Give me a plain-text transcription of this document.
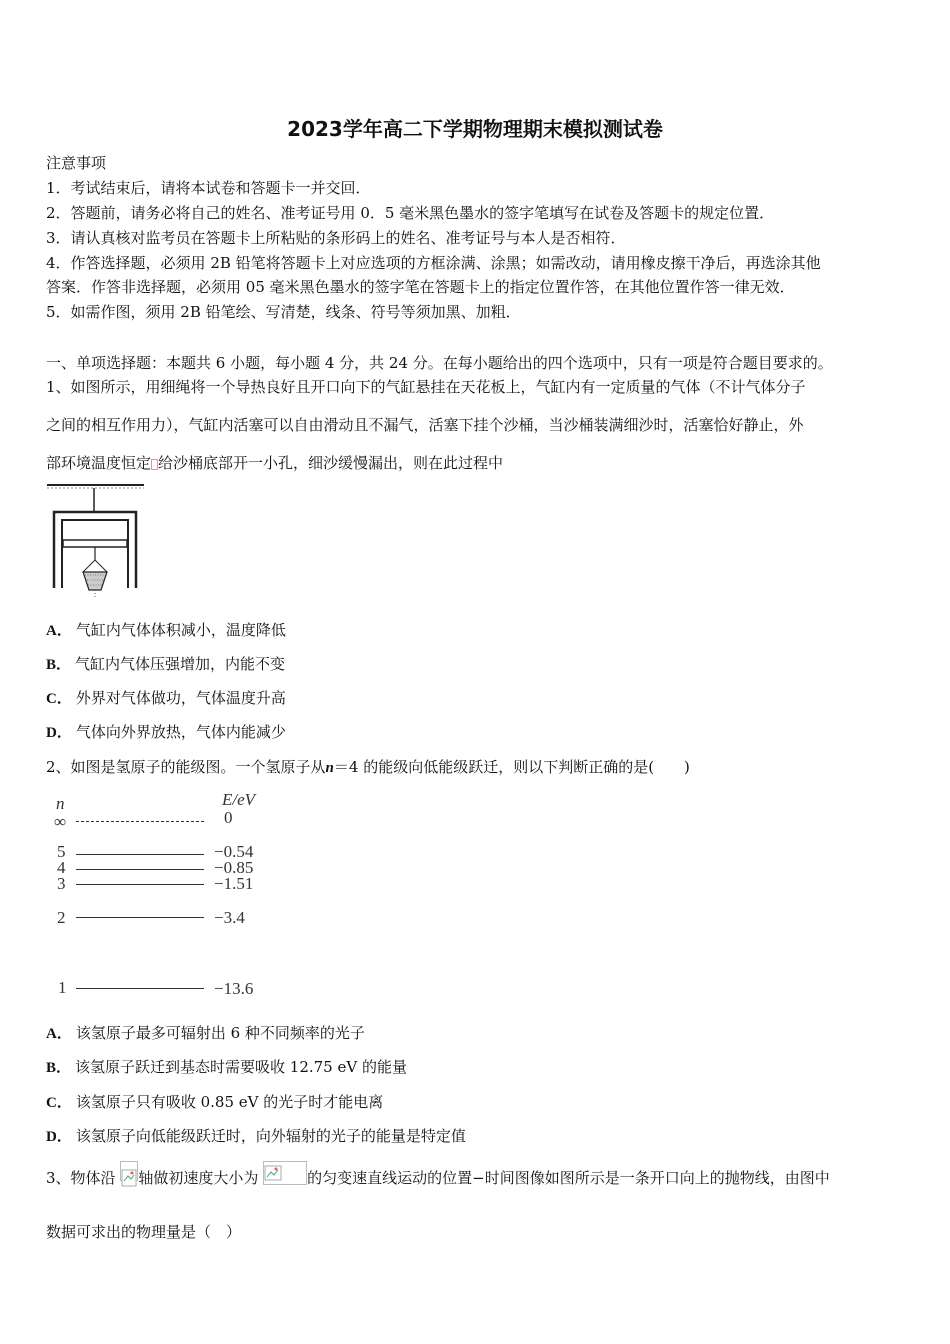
2023学年高二下学期物理期末模拟测试卷
注意事项
1．考试结束后，请将本试卷和答题卡一并交回．
2．答题前，请务必将自己的姓名、准考证号用 0．5 毫米黑色墨水的签字笔填写在试卷及答题卡的规定位置．
3．请认真核对监考员在答题卡上所粘贴的条形码上的姓名、准考证号与本人是否相符．
4．作答选择题，必须用 2B 铅笔将答题卡上对应选项的方框涂满、涂黑；如需改动，请用橡皮擦干净后，再选涂其他
答案．作答非选择题，必须用 05 毫米黑色墨水的签字笔在答题卡上的指定位置作答，在其他位置作答一律无效．
5．如需作图，须用 2B 铅笔绘、写清楚，线条、符号等须加黑、加粗．
一、单项选择题：本题共 6 小题，每小题 4 分，共 24 分。在每小题给出的四个选项中，只有一项是符合题目要求的。
1、如图所示，用细绳将一个导热良好且开口向下的气缸悬挂在天花板上，气缸内有一定质量的气体（不计气体分子
之间的相互作用力），气缸内活塞可以自由滑动且不漏气，活塞下挂个沙桶，当沙桶装满细沙时，活塞恰好静止，外
部环境温度恒定 给沙桶底部开一小孔，细沙缓慢漏出，则在此过程中
A． 气缸内气体体积减小，温度降低
B． 气缸内气体压强增加，内能不变
C． 外界对气体做功，气体温度升高
D． 气体向外界放热，气体内能减少
2、如图是氢原子的能级图。一个氢原子从n＝4 的能级向低能级跃迁，则以下判断正确的是(　　)
n	E/eV
∞	0
5	−0.54
4	−0.85
3	−1.51
2	−3.4
1	−13.6
A． 该氢原子最多可辐射出 6 种不同频率的光子
B． 该氢原子跃迁到基态时需要吸收 12.75 eV 的能量
C． 该氢原子只有吸收 0.85 eV 的光子时才能电离
D． 该氢原子向低能级跃迁时，向外辐射的光子的能量是特定值
3、物体沿 轴做初速度大小为	的匀变速直线运动的位置−时间图像如图所示是一条开口向上的抛物线，由图中
数据可求出的物理量是（　）
